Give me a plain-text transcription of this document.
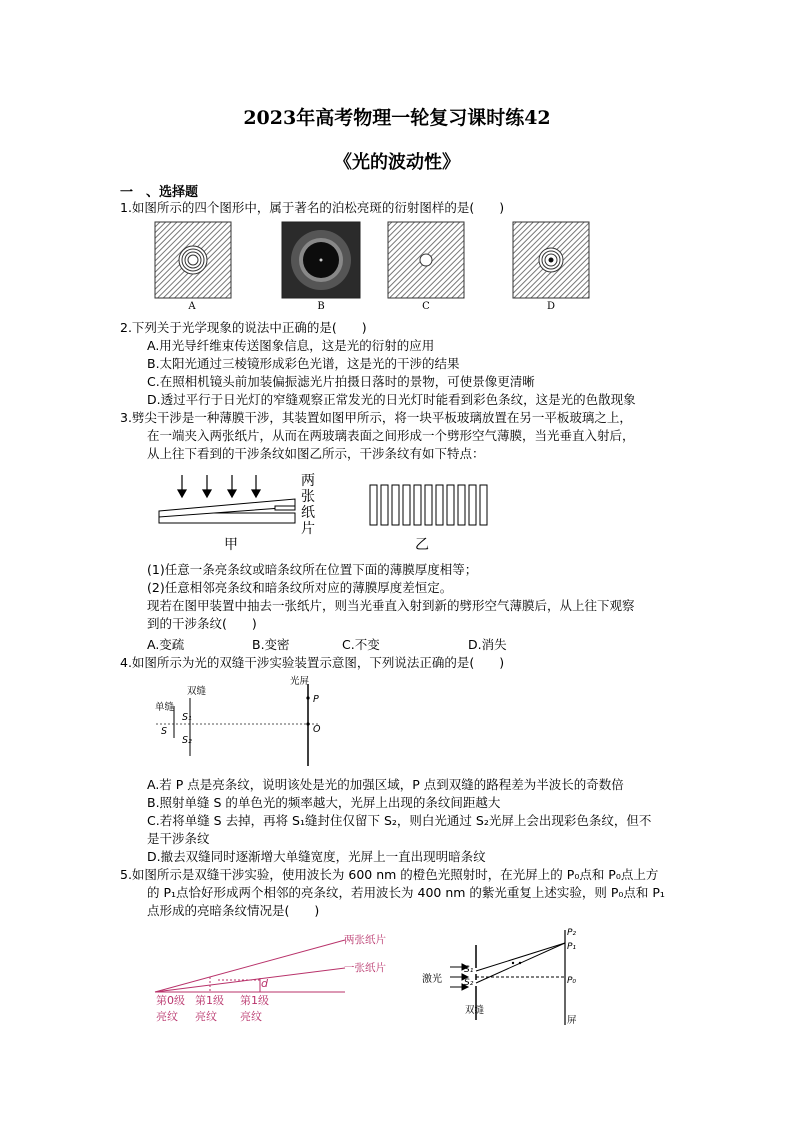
2023年高考物理一轮复习课时练42
《光的波动性》
一　、选择题
1.如图所示的四个图形中，属于著名的泊松亮斑的衍射图样的是(　　)
A	B	C	D
2.下列关于光学现象的说法中正确的是(　　)
A.用光导纤维束传送图象信息，这是光的衍射的应用
B.太阳光通过三棱镜形成彩色光谱，这是光的干涉的结果
C.在照相机镜头前加装偏振滤光片拍摄日落时的景物，可使景像更清晰
D.透过平行于日光灯的窄缝观察正常发光的日光灯时能看到彩色条纹，这是光的色散现象
3.劈尖干涉是一种薄膜干涉，其装置如图甲所示，将一块平板玻璃放置在另一平板玻璃之上，
在一端夹入两张纸片，从而在两玻璃表面之间形成一个劈形空气薄膜，当光垂直入射后，
从上往下看到的干涉条纹如图乙所示，干涉条纹有如下特点：
两
张
纸
片
甲	乙
(1)任意一条亮条纹或暗条纹所在位置下面的薄膜厚度相等；
(2)任意相邻亮条纹和暗条纹所对应的薄膜厚度差恒定。
现若在图甲装置中抽去一张纸片，则当光垂直入射到新的劈形空气薄膜后，从上往下观察
到的干涉条纹(　　)
A.变疏	B.变密	C.不变	D.消失
4.如图所示为光的双缝干涉实验装置示意图，下列说法正确的是(　　)
光屏
双缝
单缝
S₁
S
S₂
P
O
A.若 P 点是亮条纹，说明该处是光的加强区域，P 点到双缝的路程差为半波长的奇数倍
B.照射单缝 S 的单色光的频率越大，光屏上出现的条纹间距越大
C.若将单缝 S 去掉，再将 S₁缝封住仅留下 S₂，则白光通过 S₂光屏上会出现彩色条纹，但不
是干涉条纹
D.撤去双缝同时逐渐增大单缝宽度，光屏上一直出现明暗条纹
5.如图所示是双缝干涉实验，使用波长为 600 nm 的橙色光照射时，在光屏上的 P₀点和 P₀点上方
的 P₁点恰好形成两个相邻的亮条纹，若用波长为 400 nm 的紫光重复上述实验，则 P₀点和 P₁
点形成的亮暗条纹情况是(　　)
两张纸片
一张纸片
d
第0级
亮纹
第1级
亮纹
第1级
亮纹
激光
S₁
S₂
P₂
P₁
P₀
双缝
屏
